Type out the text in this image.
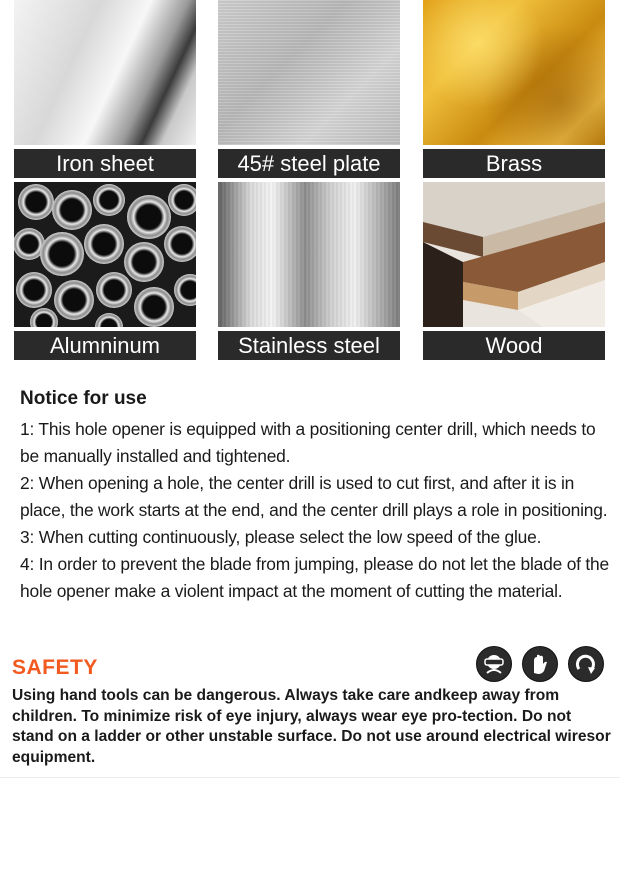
Iron sheet	45# steel plate	Brass
Alumninum	Stainless steel	Wood
Notice for use
1: This hole opener is equipped with a positioning center drill, which needs to be manually installed and tightened.
2: When opening a hole, the center drill is used to cut first, and after it is in place, the work starts at the end, and the center drill plays a role in positioning.
3: When cutting continuously, please select the low speed of the glue.
4: In order to prevent the blade from jumping, please do not let the blade of the hole opener make a violent impact at the moment of cutting the material.
SAFETY
Using hand tools can be dangerous. Always take care andkeep away from children. To minimize risk of eye injury, always wear eye pro-tection. Do not stand on a ladder or other unstable surface. Do not use around electrical wiresor equipment.
